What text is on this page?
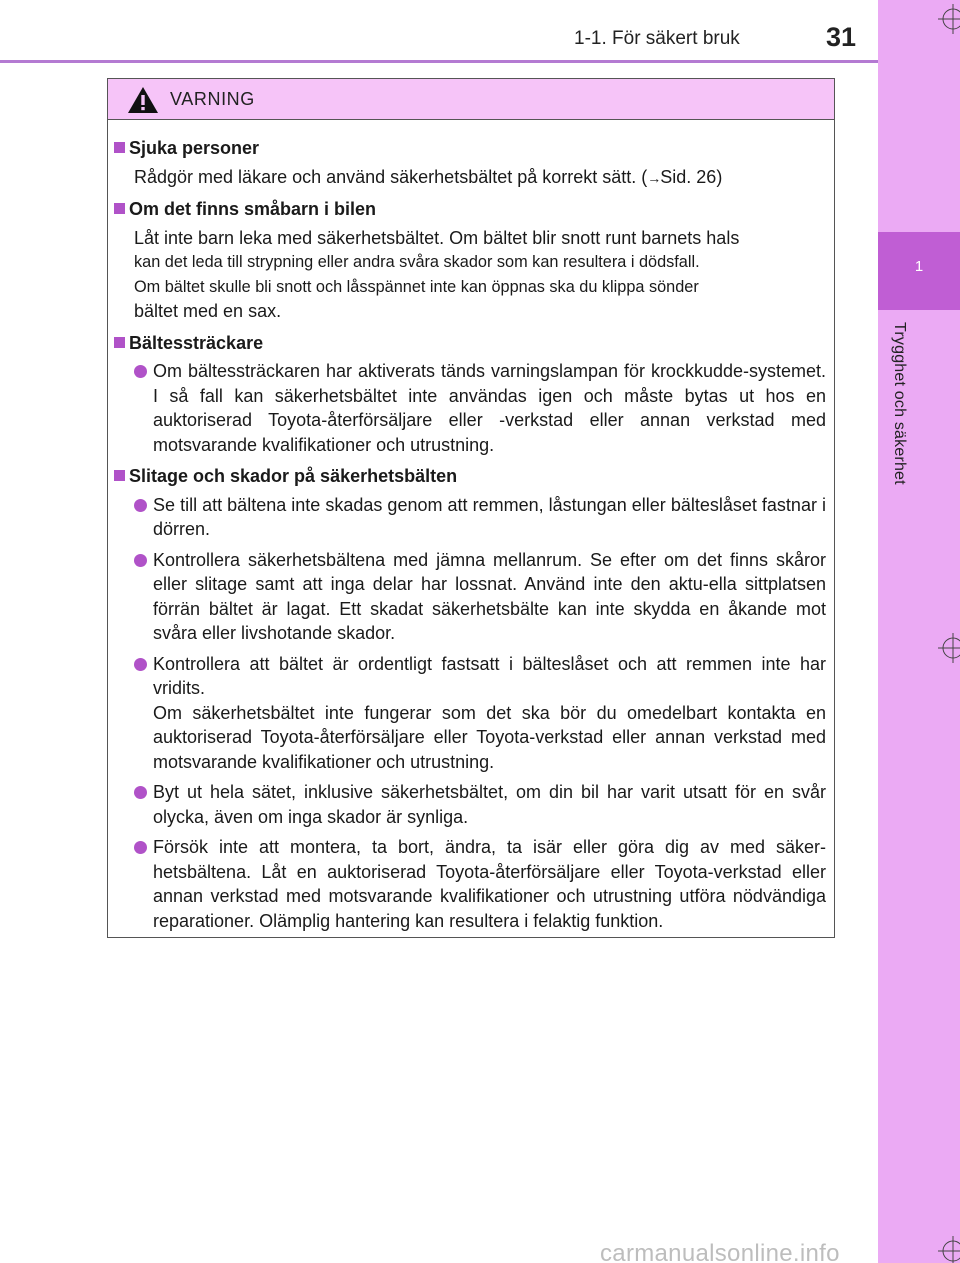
1-1. För säkert bruk	31
1
Trygghet och säkerhet
VARNING
Sjuka personer
Rådgör med läkare och använd säkerhetsbältet på korrekt sätt. (→Sid. 26)
Om det finns småbarn i bilen
Låt inte barn leka med säkerhetsbältet. Om bältet blir snott runt barnets hals
kan det leda till strypning eller andra svåra skador som kan resultera i dödsfall.
Om bältet skulle bli snott och låsspännet inte kan öppnas ska du klippa sönder
bältet med en sax.
Bältessträckare
Om bältessträckaren har aktiverats tänds varningslampan för krockkudde-systemet. I så fall kan säkerhetsbältet inte användas igen och måste bytas ut hos en auktoriserad Toyota-återförsäljare eller -verkstad eller annan verkstad med motsvarande kvalifikationer och utrustning.
Slitage och skador på säkerhetsbälten
Se till att bältena inte skadas genom att remmen, låstungan eller bälteslåset fastnar i dörren.
Kontrollera säkerhetsbältena med jämna mellanrum. Se efter om det finns skåror eller slitage samt att inga delar har lossnat. Använd inte den aktu-ella sittplatsen förrän bältet är lagat. Ett skadat säkerhetsbälte kan inte skydda en åkande mot svåra eller livshotande skador.
Kontrollera att bältet är ordentligt fastsatt i bälteslåset och att remmen inte har vridits.
Om säkerhetsbältet inte fungerar som det ska bör du omedelbart kontakta en auktoriserad Toyota-återförsäljare eller Toyota-verkstad eller annan verkstad med motsvarande kvalifikationer och utrustning.
Byt ut hela sätet, inklusive säkerhetsbältet, om din bil har varit utsatt för en svår olycka, även om inga skador är synliga.
Försök inte att montera, ta bort, ändra, ta isär eller göra dig av med säker-hetsbältena. Låt en auktoriserad Toyota-återförsäljare eller Toyota-verkstad eller annan verkstad med motsvarande kvalifikationer och utrustning utföra nödvändiga reparationer. Olämplig hantering kan resultera i felaktig funktion.
carmanualsonline.info
